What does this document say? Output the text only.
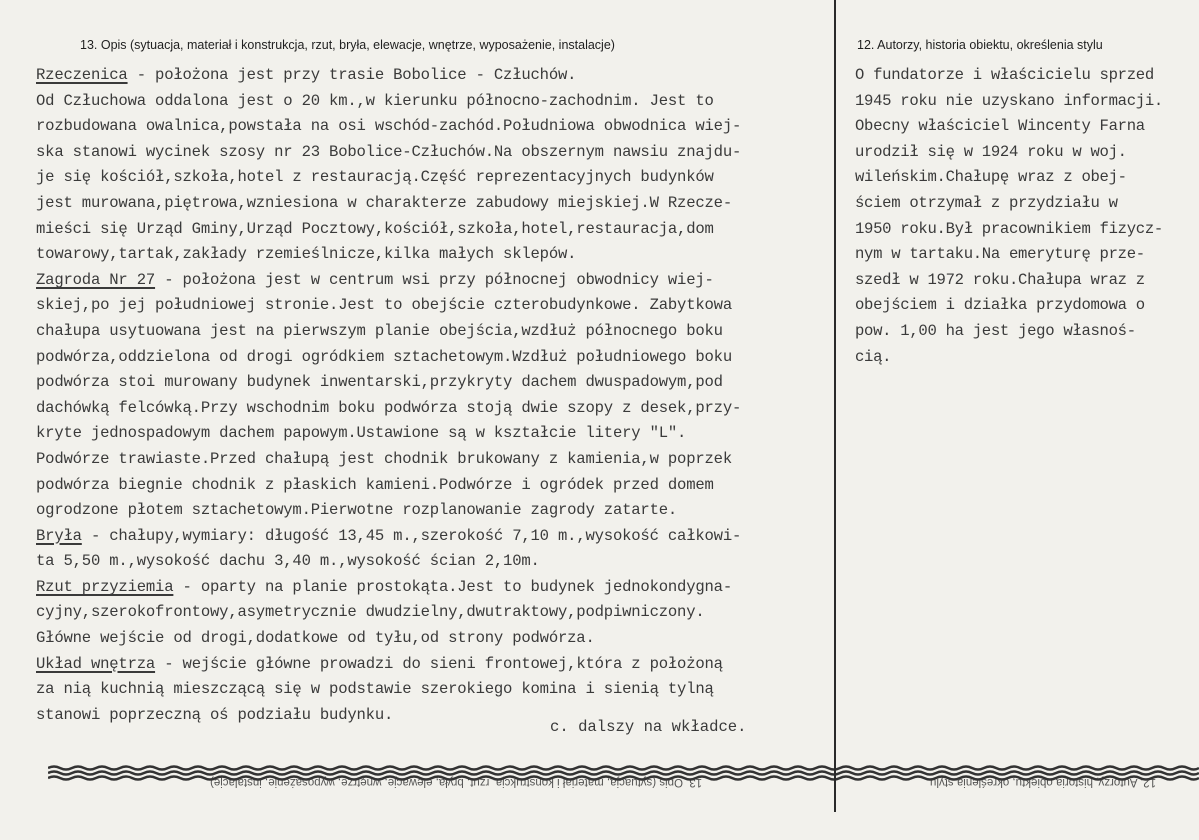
13. Opis (sytuacja, materiał i konstrukcja, rzut, bryła, elewacje, wnętrze, wyposażenie, instalacje)	12. Autorzy, historia obiektu, określenia stylu
Rzeczenica - położona jest przy trasie Bobolice - Człuchów.
Od Człuchowa oddalona jest o 20 km.,w kierunku północno-zachodnim. Jest to
rozbudowana owalnica,powstała na osi wschód-zachód.Południowa obwodnica wiej-
ska stanowi wycinek szosy nr 23 Bobolice-Człuchów.Na obszernym nawsiu znajdu-
je się kościół,szkoła,hotel z restauracją.Część reprezentacyjnych budynków
jest murowana,piętrowa,wzniesiona w charakterze zabudowy miejskiej.W Rzecze-
mieści się Urząd Gminy,Urząd Pocztowy,kościół,szkoła,hotel,restauracja,dom
towarowy,tartak,zakłady rzemieślnicze,kilka małych sklepów.
Zagroda Nr 27 - położona jest w centrum wsi przy północnej obwodnicy wiej-
skiej,po jej południowej stronie.Jest to obejście czterobudynkowe. Zabytkowa
chałupa usytuowana jest na pierwszym planie obejścia,wzdłuż północnego boku
podwórza,oddzielona od drogi ogródkiem sztachetowym.Wzdłuż południowego boku
podwórza stoi murowany budynek inwentarski,przykryty dachem dwuspadowym,pod
dachówką felcówką.Przy wschodnim boku podwórza stoją dwie szopy z desek,przy-
kryte jednospadowym dachem papowym.Ustawione są w kształcie litery "L".
Podwórze trawiaste.Przed chałupą jest chodnik brukowany z kamienia,w poprzek
podwórza biegnie chodnik z płaskich kamieni.Podwórze i ogródek przed domem
ogrodzone płotem sztachetowym.Pierwotne rozplanowanie zagrody zatarte.
Bryła - chałupy,wymiary: długość 13,45 m.,szerokość 7,10 m.,wysokość całkowi-
ta 5,50 m.,wysokość dachu 3,40 m.,wysokość ścian 2,10m.
Rzut przyziemia - oparty na planie prostokąta.Jest to budynek jednokondygna-
cyjny,szerokofrontowy,asymetrycznie dwudzielny,dwutraktowy,podpiwniczony.
Główne wejście od drogi,dodatkowe od tyłu,od strony podwórza.
Układ wnętrza - wejście główne prowadzi do sieni frontowej,która z położoną
za nią kuchnią mieszczącą się w podstawie szerokiego komina i sienią tylną
stanowi poprzeczną oś podziału budynku.
O fundatorze i właścicielu sprzed
1945 roku nie uzyskano informacji.
Obecny właściciel Wincenty Farna
urodził się w 1924 roku w woj.
wileńskim.Chałupę wraz z obej-
ściem otrzymał z przydziału w
1950 roku.Był pracownikiem fizycz-
nym w tartaku.Na emeryturę prze-
szedł w 1972 roku.Chałupa wraz z
obejściem i działka przydomowa o
pow. 1,00 ha jest jego własnoś-
cią.
c. dalszy na wkładce.
13. Opis (sytuacja, materiał i konstrukcja, rzut, bryła, elewacje, wnętrze, wyposażenie, instalacje)	12. Autorzy, historia obiektu, określenia stylu
